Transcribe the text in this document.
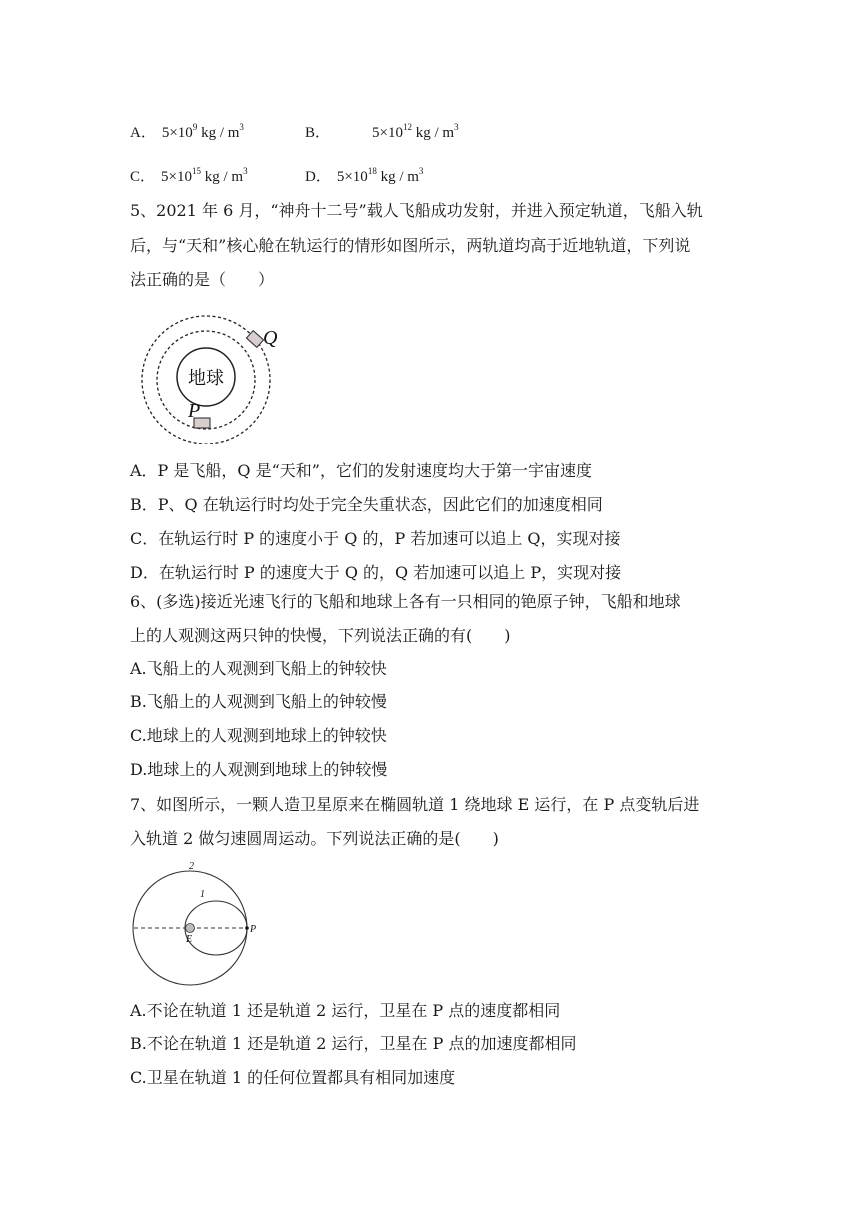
A． $5\times 10^9$ kg / $m^3$	B．	$5\times 10^{12}$ kg / $m^3$
C． $5\times 10^{15}$ kg / $m^3$	D． $5\times 10^{18}$ kg / $m^3$
5、2021 年 6 月，“神舟十二号”载人飞船成功发射，并进入预定轨道，飞船入轨
后，与“天和”核心舱在轨运行的情形如图所示，两轨道均高于近地轨道，下列说
法正确的是（　　）
地球
Q
P
A．P 是飞船，Q 是“天和”，它们的发射速度均大于第一宇宙速度
B．P、Q 在轨运行时均处于完全失重状态，因此它们的加速度相同
C．在轨运行时 P 的速度小于 Q 的，P 若加速可以追上 Q，实现对接
D．在轨运行时 P 的速度大于 Q 的，Q 若加速可以追上 P，实现对接
6、(多选)接近光速飞行的飞船和地球上各有一只相同的铯原子钟，飞船和地球
上的人观测这两只钟的快慢，下列说法正确的有(　　)
A.飞船上的人观测到飞船上的钟较快
B.飞船上的人观测到飞船上的钟较慢
C.地球上的人观测到地球上的钟较快
D.地球上的人观测到地球上的钟较慢
7、如图所示，一颗人造卫星原来在椭圆轨道 1 绕地球 E 运行，在 P 点变轨后进
入轨道 2 做匀速圆周运动。下列说法正确的是(　　)
2
1
E
P
A.不论在轨道 1 还是轨道 2 运行，卫星在 P 点的速度都相同
B.不论在轨道 1 还是轨道 2 运行，卫星在 P 点的加速度都相同
C.卫星在轨道 1 的任何位置都具有相同加速度
